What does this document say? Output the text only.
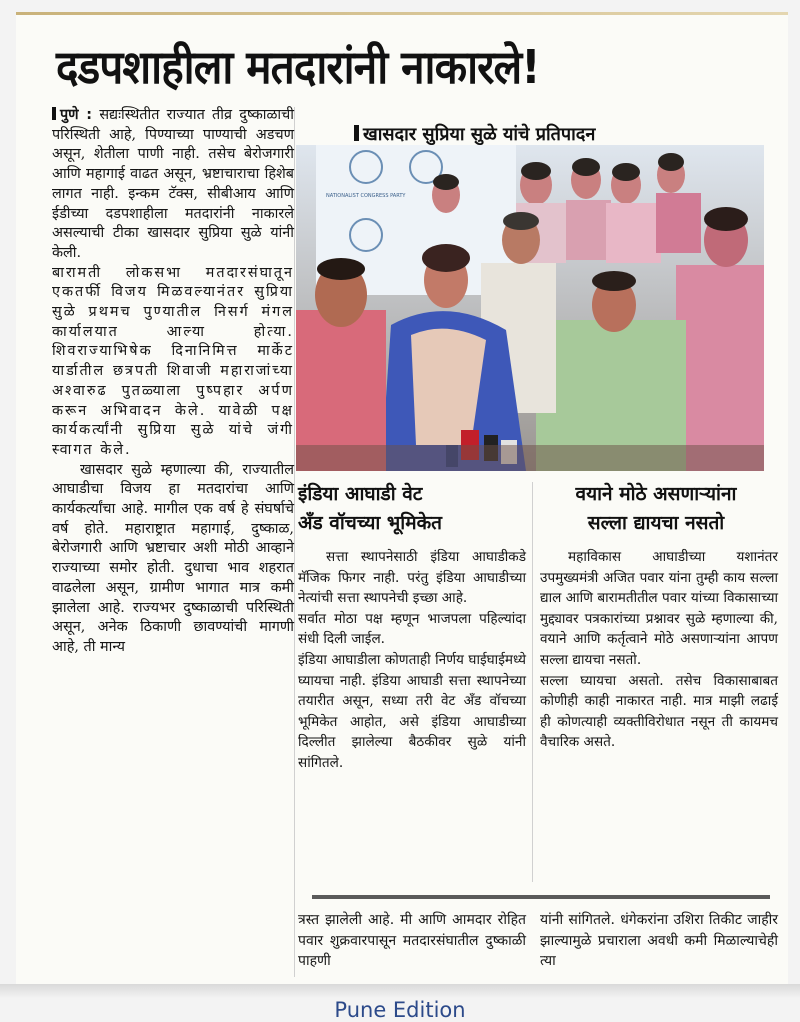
दडपशाहीला मतदारांनी नाकारले!

पुणे : सद्यःस्थितीत राज्यात तीव्र दुष्काळाची परिस्थिती आहे, पिण्याच्या पाण्याची अडचण असून, शेतीला पाणी नाही. तसेच बेरोजगारी आणि महागाई वाढत असून, भ्रष्टाचाराचा हिशेब लागत नाही. इन्कम टॅक्स, सीबीआय आणि ईडीच्या दडपशाहीला मतदारांनी नाकारले असल्याची टीका खासदार सुप्रिया सुळे यांनी केली.

बारामती लोकसभा मतदारसंघातून एकतर्फी विजय मिळवल्यानंतर सुप्रिया सुळे प्रथमच पुण्यातील निसर्ग मंगल कार्यालयात आल्या होत्या. शिवराज्याभिषेक दिनानिमित्त मार्केट यार्डातील छत्रपती शिवाजी महाराजांच्या अश्वारुढ पुतळ्याला पुष्पहार अर्पण करून अभिवादन केले. यावेळी पक्ष कार्यकर्त्यांनी सुप्रिया सुळे यांचे जंगी स्वागत केले.

खासदार सुळे म्हणाल्या की, राज्यातील आघाडीचा विजय हा मतदारांचा आणि कार्यकर्त्यांचा आहे. मागील एक वर्ष हे संघर्षाचे वर्ष होते. महाराष्ट्रात महागाई, दुष्काळ, बेरोजगारी आणि भ्रष्टाचार अशी मोठी आव्हाने राज्याच्या समोर होती. दुधाचा भाव शहरात वाढलेला असून, ग्रामीण भागात मात्र कमी झालेला आहे. राज्यभर दुष्काळाची परिस्थिती असून, अनेक ठिकाणी छावण्यांची मागणी आहे, ती मान्य

खासदार सुप्रिया सुळे यांचे प्रतिपादन
NATIONALIST CONGRESS PARTY
इंडिया आघाडी वेट
अँड वॉचच्या भूमिकेत
वयाने मोठे असणाऱ्यांना
सल्ला द्यायचा नसतो

सत्ता स्थापनेसाठी इंडिया आघाडीकडे मॅजिक फिगर नाही. परंतु इंडिया आघाडीच्या नेत्यांची सत्ता स्थापनेची इच्छा आहे.

सर्वात मोठा पक्ष म्हणून भाजपला पहिल्यांदा संधी दिली जाईल.

इंडिया आघाडीला कोणताही निर्णय घाईघाईमध्ये घ्यायचा नाही. इंडिया आघाडी सत्ता स्थापनेच्या तयारीत असून, सध्या तरी वेट अँड वॉचच्या भूमिकेत आहोत, असे इंडिया आघाडीच्या दिल्लीत झालेल्या बैठकीवर सुळे यांनी सांगितले.

महाविकास आघाडीच्या यशानंतर उपमुख्यमंत्री अजित पवार यांना तुम्ही काय सल्ला द्याल आणि बारामतीतील पवार यांच्या विकासाच्या मुद्द्यावर पत्रकारांच्या प्रश्नावर सुळे म्हणाल्या की, वयाने आणि कर्तृत्वाने मोठे असणाऱ्यांना आपण सल्ला द्यायचा नसतो.

सल्ला घ्यायचा असतो. तसेच विकासाबाबत कोणीही काही नाकारत नाही. मात्र माझी लढाई ही कोणत्याही व्यक्तीविरोधात नसून ती कायमच वैचारिक असते.

त्रस्त झालेली आहे. मी आणि आमदार रोहित पवार शुक्रवारपासून मतदारसंघातील दुष्काळी पाहणी

यांनी सांगितले. धंगेकरांना उशिरा तिकीट जाहीर झाल्यामुळे प्रचाराला अवधी कमी मिळाल्याचेही त्या

Pune Edition
